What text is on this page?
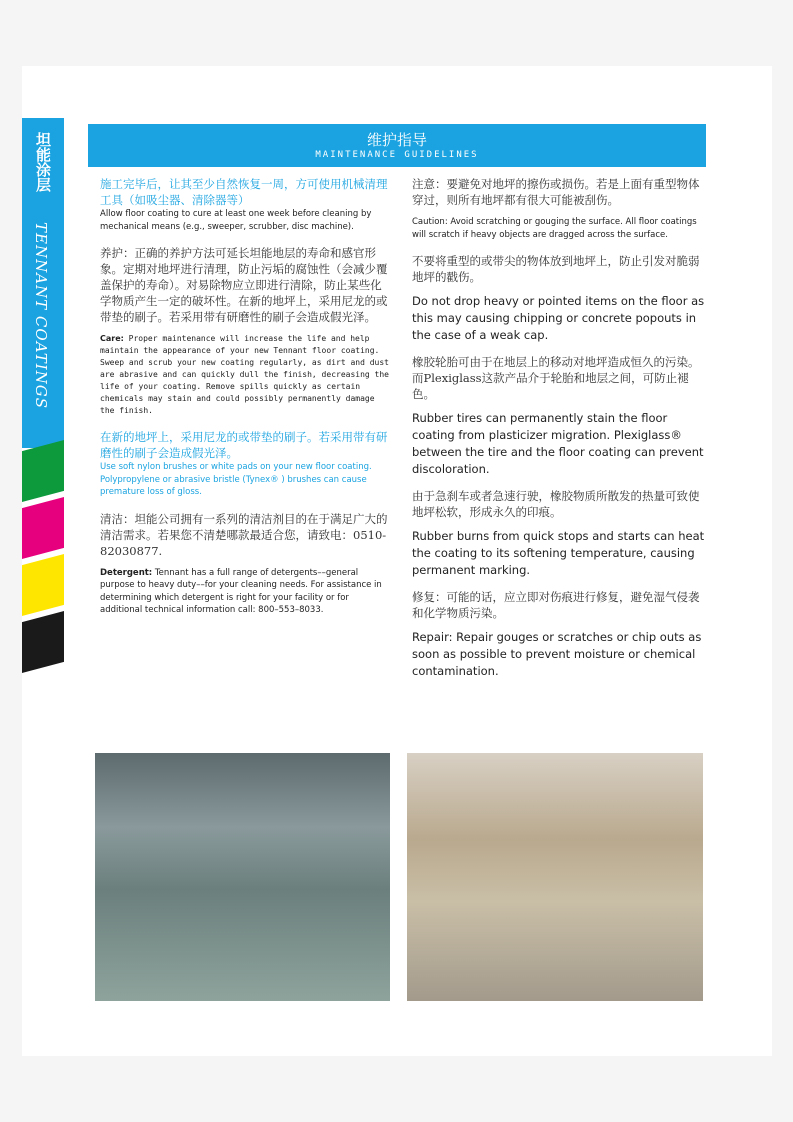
坦能涂层
TENNANT COATINGS
维护指导
MAINTENANCE GUIDELINES
施工完毕后，让其至少自然恢复一周，方可使用机械清理工具（如吸尘器、清除器等）
Allow floor coating to cure at least one week before cleaning by mechanical means (e.g., sweeper, scrubber, disc machine).
养护：正确的养护方法可延长坦能地层的寿命和感官形象。定期对地坪进行清理，防止污垢的腐蚀性（会减少覆盖保护的寿命）。对易除物应立即进行清除，防止某些化学物质产生一定的破坏性。在新的地坪上，采用尼龙的或带垫的刷子。若采用带有研磨性的刷子会造成假光泽。
Care: Proper maintenance will increase the life and help maintain the appearance of your new Tennant floor coating. Sweep and scrub your new coating regularly, as dirt and dust are abrasive and can quickly dull the finish, decreasing the life of your coating. Remove spills quickly as certain chemicals may stain and could possibly permanently damage the finish.
在新的地坪上，采用尼龙的或带垫的刷子。若采用带有研磨性的刷子会造成假光泽。
Use soft nylon brushes or white pads on your new floor coating. Polypropylene or abrasive bristle (Tynex® ) brushes can cause premature loss of gloss.
清洁：坦能公司拥有一系列的清洁剂目的在于满足广大的清洁需求。若果您不清楚哪款最适合您，请致电：0510-82030877.
Detergent: Tennant has a full range of detergents––general purpose to heavy duty––for your cleaning needs. For assistance in determining which detergent is right for your facility or for additional technical information call: 800–553–8033.
注意：要避免对地坪的擦伤或损伤。若是上面有重型物体穿过，则所有地坪都有很大可能被刮伤。
Caution: Avoid scratching or gouging the surface. All floor coatings will scratch if heavy objects are dragged across the surface.
不要将重型的或带尖的物体放到地坪上，防止引发对脆弱地坪的戳伤。
Do not drop heavy or pointed items on the floor as this may causing chipping or concrete popouts in the case of a weak cap.
橡胶轮胎可由于在地层上的移动对地坪造成恒久的污染。而Plexiglass这款产品介于轮胎和地层之间，可防止褪色。
Rubber tires can permanently stain the floor coating from plasticizer migration. Plexiglass® between the tire and the floor coating can prevent discoloration.
由于急刹车或者急速行驶，橡胶物质所散发的热量可致使地坪松软，形成永久的印痕。
Rubber burns from quick stops and starts can heat the coating to its softening temperature, causing permanent marking.
修复：可能的话，应立即对伤痕进行修复，避免湿气侵袭和化学物质污染。
Repair: Repair gouges or scratches or chip outs as soon as possible to prevent moisture or chemical contamination.
